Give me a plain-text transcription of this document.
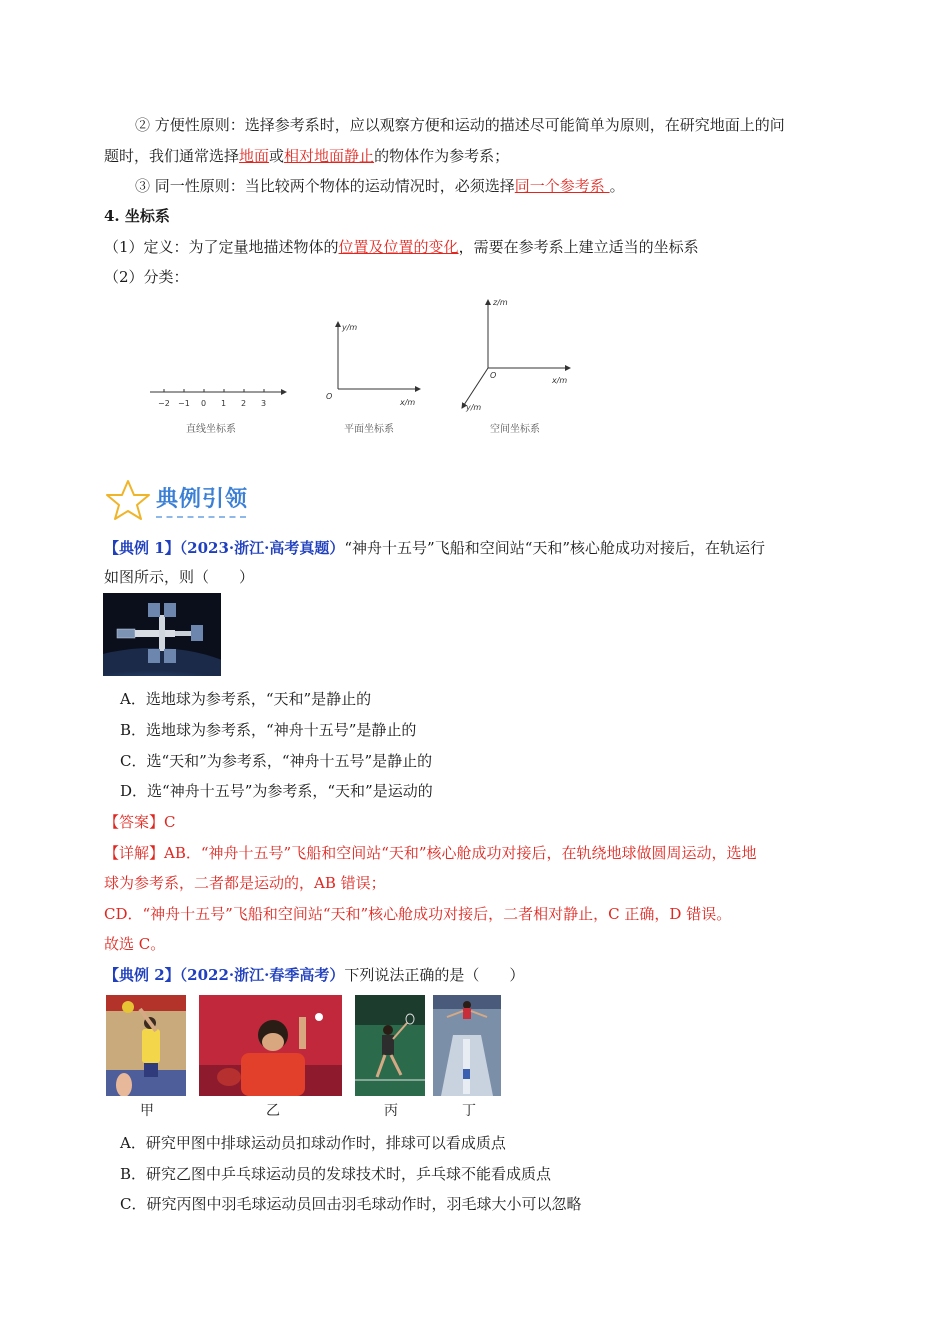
② 方便性原则：选择参考系时，应以观察方便和运动的描述尽可能简单为原则，在研究地面上的问
题时，我们通常选择地面或相对地面静止的物体作为参考系；
③ 同一性原则：当比较两个物体的运动情况时，必须选择同一个参考系 。
4. 坐标系
（1）定义：为了定量地描述物体的位置及位置的变化，需要在参考系上建立适当的坐标系
（2）分类：
−2 −1 0 1 2 3
直线坐标系
y/m
x/m
O
平面坐标系
z/m
x/m
y/m
O
空间坐标系
典例引领
【典例 1】（2023·浙江·高考真题）“神舟十五号”飞船和空间站“天和”核心舱成功对接后，在轨运行
如图所示，则（　　）
A．选地球为参考系，“天和”是静止的
B．选地球为参考系，“神舟十五号”是静止的
C．选“天和”为参考系，“神舟十五号”是静止的
D．选“神舟十五号”为参考系，“天和”是运动的
【答案】C
【详解】AB．“神舟十五号”飞船和空间站“天和”核心舱成功对接后，在轨绕地球做圆周运动，选地
球为参考系，二者都是运动的，AB 错误；
CD．“神舟十五号”飞船和空间站“天和”核心舱成功对接后，二者相对静止，C 正确，D 错误。
故选 C。
【典例 2】（2022·浙江·春季高考）下列说法正确的是（　　）
甲	乙	丙	丁
A．研究甲图中排球运动员扣球动作时，排球可以看成质点
B．研究乙图中乒乓球运动员的发球技术时，乒乓球不能看成质点
C．研究丙图中羽毛球运动员回击羽毛球动作时，羽毛球大小可以忽略
